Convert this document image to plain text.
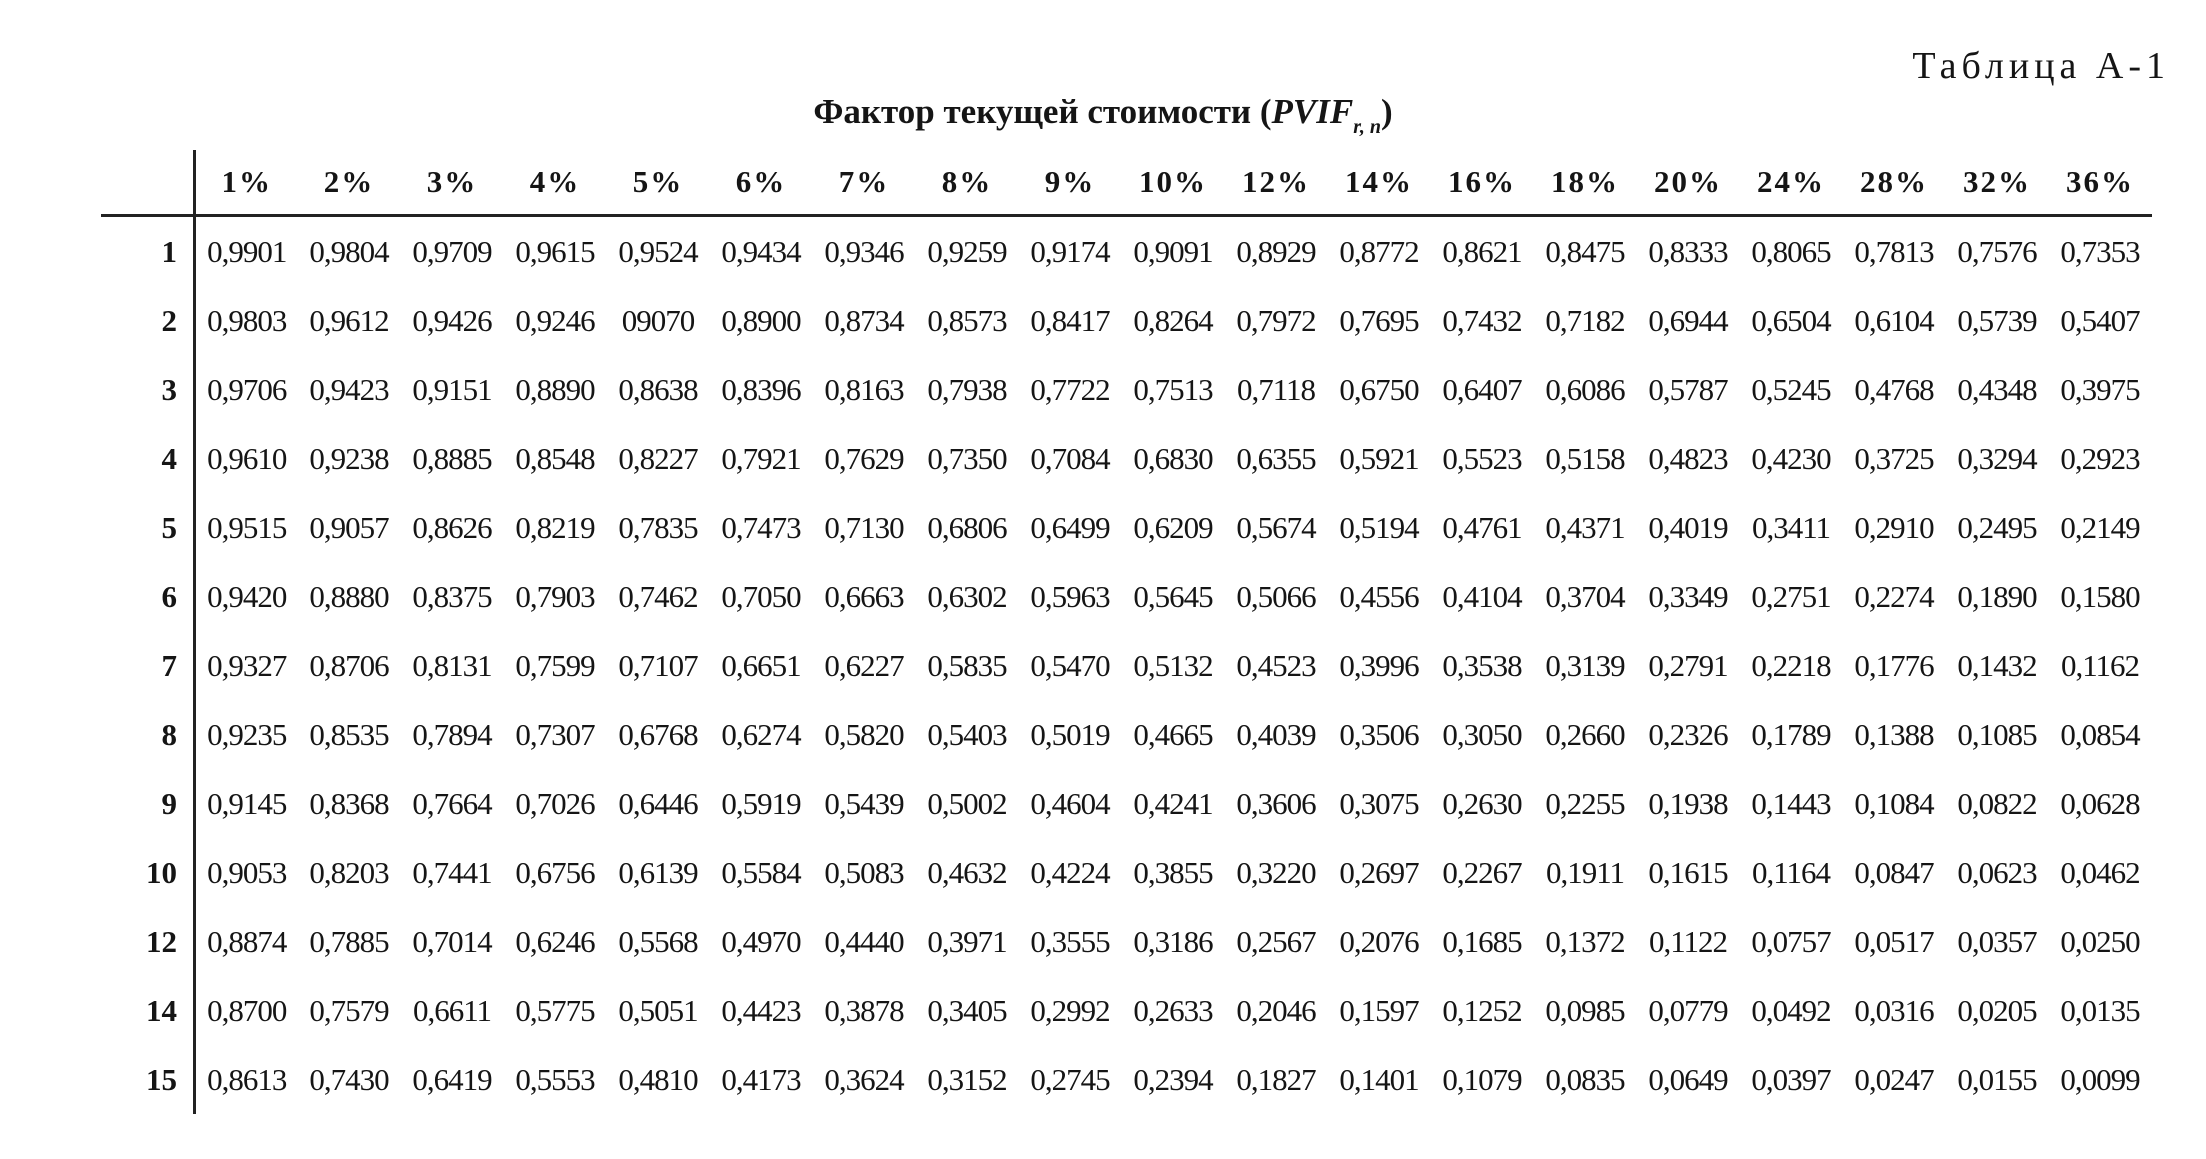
Таблица А-1
Фактор текущей стоимости $(PVIF_{r, n})$
	1%	2%	3%	4%	5%	6%	7%	8%	9%	10%	12%	14%	16%	18%	20%	24%	28%	32%	36%
1	0,9901	0,9804	0,9709	0,9615	0,9524	0,9434	0,9346	0,9259	0,9174	0,9091	0,8929	0,8772	0,8621	0,8475	0,8333	0,8065	0,7813	0,7576	0,7353
2	0,9803	0,9612	0,9426	0,9246	09070	0,8900	0,8734	0,8573	0,8417	0,8264	0,7972	0,7695	0,7432	0,7182	0,6944	0,6504	0,6104	0,5739	0,5407
3	0,9706	0,9423	0,9151	0,8890	0,8638	0,8396	0,8163	0,7938	0,7722	0,7513	0,7118	0,6750	0,6407	0,6086	0,5787	0,5245	0,4768	0,4348	0,3975
4	0,9610	0,9238	0,8885	0,8548	0,8227	0,7921	0,7629	0,7350	0,7084	0,6830	0,6355	0,5921	0,5523	0,5158	0,4823	0,4230	0,3725	0,3294	0,2923
5	0,9515	0,9057	0,8626	0,8219	0,7835	0,7473	0,7130	0,6806	0,6499	0,6209	0,5674	0,5194	0,4761	0,4371	0,4019	0,3411	0,2910	0,2495	0,2149
6	0,9420	0,8880	0,8375	0,7903	0,7462	0,7050	0,6663	0,6302	0,5963	0,5645	0,5066	0,4556	0,4104	0,3704	0,3349	0,2751	0,2274	0,1890	0,1580
7	0,9327	0,8706	0,8131	0,7599	0,7107	0,6651	0,6227	0,5835	0,5470	0,5132	0,4523	0,3996	0,3538	0,3139	0,2791	0,2218	0,1776	0,1432	0,1162
8	0,9235	0,8535	0,7894	0,7307	0,6768	0,6274	0,5820	0,5403	0,5019	0,4665	0,4039	0,3506	0,3050	0,2660	0,2326	0,1789	0,1388	0,1085	0,0854
9	0,9145	0,8368	0,7664	0,7026	0,6446	0,5919	0,5439	0,5002	0,4604	0,4241	0,3606	0,3075	0,2630	0,2255	0,1938	0,1443	0,1084	0,0822	0,0628
10	0,9053	0,8203	0,7441	0,6756	0,6139	0,5584	0,5083	0,4632	0,4224	0,3855	0,3220	0,2697	0,2267	0,1911	0,1615	0,1164	0,0847	0,0623	0,0462
12	0,8874	0,7885	0,7014	0,6246	0,5568	0,4970	0,4440	0,3971	0,3555	0,3186	0,2567	0,2076	0,1685	0,1372	0,1122	0,0757	0,0517	0,0357	0,0250
14	0,8700	0,7579	0,6611	0,5775	0,5051	0,4423	0,3878	0,3405	0,2992	0,2633	0,2046	0,1597	0,1252	0,0985	0,0779	0,0492	0,0316	0,0205	0,0135
15	0,8613	0,7430	0,6419	0,5553	0,4810	0,4173	0,3624	0,3152	0,2745	0,2394	0,1827	0,1401	0,1079	0,0835	0,0649	0,0397	0,0247	0,0155	0,0099
